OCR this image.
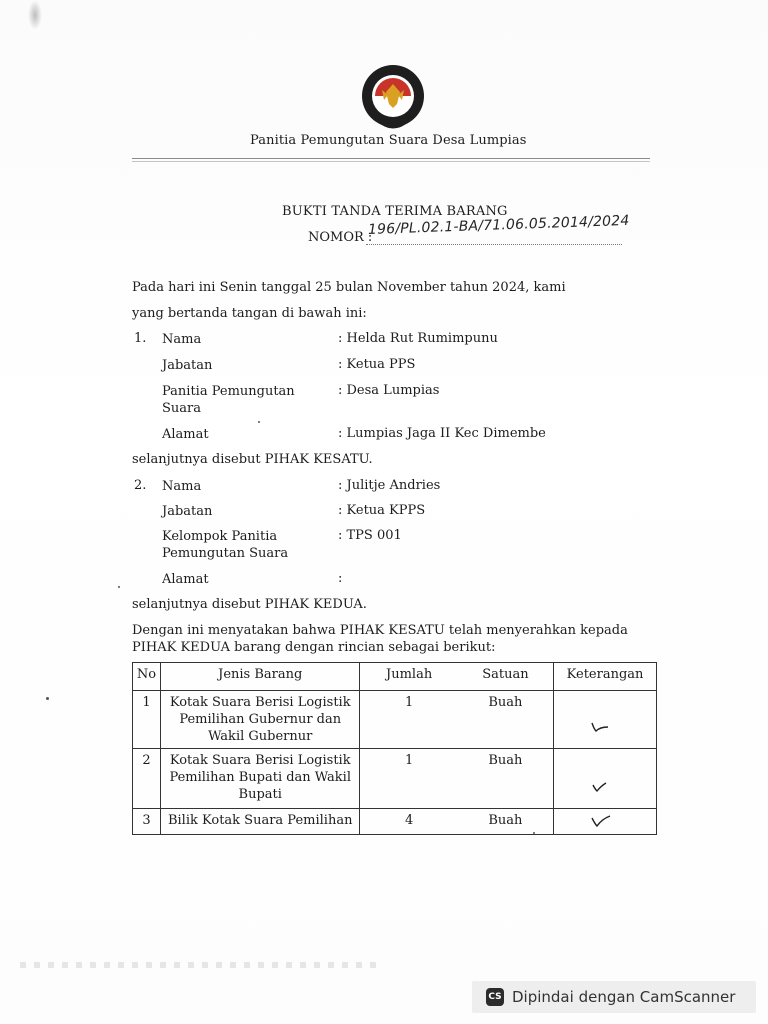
Panitia Pemungutan Suara Desa Lumpias
BUKTI TANDA TERIMA BARANG
NOMOR :
196/PL.02.1-BA/71.06.05.2014/2024
Pada hari ini Senin tanggal 25 bulan November tahun 2024, kami
yang bertanda tangan di bawah ini:
1. Nama	: Helda Rut Rumimpunu
Jabatan	: Ketua PPS
Panitia Pemungutan Suara
: Desa Lumpias
Alamat	: Lumpias Jaga II Kec Dimembe
selanjutnya disebut PIHAK KESATU.
2. Nama	: Julitje Andries
Jabatan	: Ketua KPPS
Kelompok Panitia Pemungutan Suara
: TPS 001
Alamat	:
selanjutnya disebut PIHAK KEDUA.
Dengan ini menyatakan bahwa PIHAK KESATU telah menyerahkan kepada
PIHAK KEDUA barang dengan rincian sebagai berikut:
No	Jenis Barang	Jumlah	Satuan	Keterangan
1	Kotak Suara Berisi Logistik Pemilihan Gubernur dan Wakil Gubernur	1	Buah	

2	Kotak Suara Berisi Logistik Pemilihan Bupati dan Wakil Bupati	1	Buah	

3	Bilik Kotak Suara Pemilihan	4	Buah	
CS Dipindai dengan CamScanner
